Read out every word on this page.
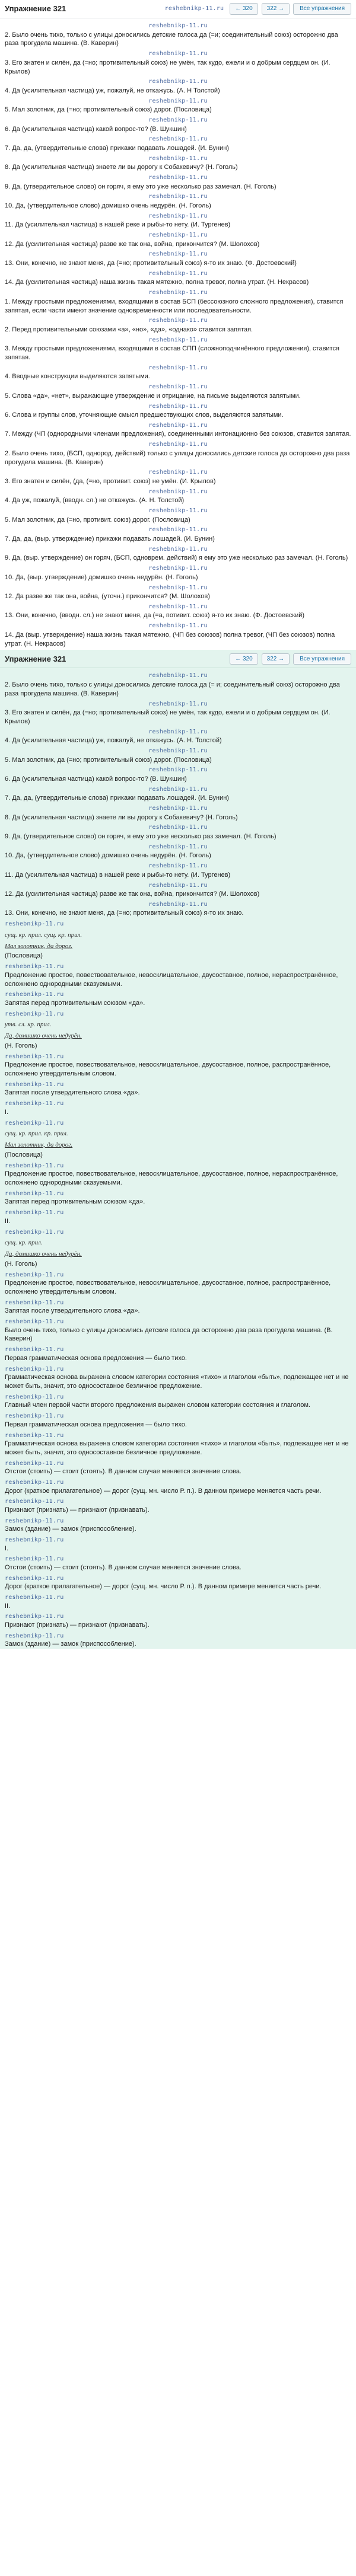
Упражнение 321	reshebnikp-11.ru	← 320	322 →	Все упражнения
reshebnikp-11.ru

2. Было очень тихо, только с улицы доносились детские голоса да (=и; соединительный союз) осторожно два раза прогудела машина. (В. Каверин)

reshebnikp-11.ru

3. Его знатен и силён, да (=но; противительный союз) не умён, так кудо, ежели и о добрым сердцем он. (И. Крылов)

reshebnikp-11.ru

4. Да (усилительная частица) уж, пожалуй, не откажусь. (А. Н Толстой)

reshebnikp-11.ru

5. Мал золотник, да (=но; противительный союз) дорог. (Пословица)

reshebnikp-11.ru

6. Да (усилительная частица) какой вопрос-то? (В. Шукшин)

reshebnikp-11.ru

7. Да, да, (утвердительные слова) прикажи подавать лошадей. (И. Бунин)

reshebnikp-11.ru

8. Да (усилительная частица) знаете ли вы дорогу к Собакевичу? (Н. Гоголь)

reshebnikp-11.ru

9. Да, (утвердительное слово) он горяч, я ему это уже несколько раз замечал. (Н. Гоголь)

reshebnikp-11.ru

10. Да, (утвердительное слово) домишко очень недурён. (Н. Гоголь)

reshebnikp-11.ru

11. Да (усилительная частица) в нашей реке и рыбы-то нету. (И. Тургенев)

reshebnikp-11.ru

12. Да (усилительная частица) разве же так она, война, прикончится? (М. Шолохов)

reshebnikp-11.ru

13. Они, конечно, не знают меня, да (=но; противительный союз) я-то их знаю. (Ф. Достоевский)

reshebnikp-11.ru

14. Да (усилительная частица) наша жизнь такая мятежно, полна тревог, полна утрат. (Н. Некрасов)

reshebnikp-11.ru

1. Между простыми предложениями, входящими в состав БСП (бессоюзного сложного предложения), ставится запятая, если части имеют значение одновременности или последовательности.

reshebnikp-11.ru

2. Перед противительными союзами «а», «но», «да», «однако» ставится запятая.

reshebnikp-11.ru

3. Между простыми предложениями, входящими в состав СПП (сложноподчинённого предложения), ставится запятая.

reshebnikp-11.ru

4. Вводные конструкции выделяются запятыми.

reshebnikp-11.ru

5. Слова «да», «нет», выражающие утверждение и отрицание, на письме выделяются запятыми.

reshebnikp-11.ru

6. Слова и группы слов, уточняющие смысл предшествующих слов, выделяются запятыми.

reshebnikp-11.ru

7. Между (ЧП (однородными членами предложения), соединенными интонационно без союзов, ставится запятая.

reshebnikp-11.ru

2. Было очень тихо, (БСП, однород. действий) только с улицы доносились детские голоса да осторожно два раза прогудела машина. (В. Каверин)

reshebnikp-11.ru

3. Его знатен и силён, (да, (=но, противит. союз) не умён. (И. Крылов)

reshebnikp-11.ru

4. Да уж, пожалуй, (вводн. сл.) не откажусь. (А. Н. Толстой)

reshebnikp-11.ru

5. Мал золотник, да (=но, противит. союз) дорог. (Пословица)

reshebnikp-11.ru

7. Да, да, (выр. утверждение) прикажи подавать лошадей. (И. Бунин)

reshebnikp-11.ru

9. Да, (выр. утверждение) он горяч, (БСП, одноврем. действий) я ему это уже несколько раз замечал. (Н. Гоголь)

reshebnikp-11.ru

10. Да, (выр. утверждение) домишко очень недурён. (Н. Гоголь)

reshebnikp-11.ru

12. Да разве же так она, война, (уточн.) прикончится? (М. Шолохов)

reshebnikp-11.ru

13. Они, конечно, (вводн. сл.) не знают меня, да (=а, потивит. союз) я-то их знаю. (Ф. Достоевский)

reshebnikp-11.ru

14. Да (выр. утверждение) наша жизнь такая мятежно, (ЧП без союзов) полна тревог, (ЧП без союзов) полна утрат. (Н. Некрасов)

Упражнение 321	← 320	322 →	Все упражнения
reshebnikp-11.ru

2. Было очень тихо, только с улицы доносились детские голоса да (= и; соединительный союз) осторожно два раза прогудела машина. (В. Каверин)

reshebnikp-11.ru

3. Его знатен и силён, да (=но; противительный союз) не умён, так кудо, ежели и о добрым сердцем он. (И. Крылов)

reshebnikp-11.ru

4. Да (усилительная частица) уж, пожалуй, не откажусь. (А. Н. Толстой)

reshebnikp-11.ru

5. Мал золотник, да (=но; противительный союз) дорог. (Пословица)

reshebnikp-11.ru

6. Да (усилительная частица) какой вопрос-то? (В. Шукшин)

reshebnikp-11.ru

7. Да, да, (утвердительные слова) прикажи подавать лошадей. (И. Бунин)

reshebnikp-11.ru

8. Да (усилительная частица) знаете ли вы дорогу к Собакевичу? (Н. Гоголь)

reshebnikp-11.ru

9. Да, (утвердительное слово) он горяч, я ему это уже несколько раз замечал. (Н. Гоголь)

reshebnikp-11.ru

10. Да, (утвердительное слово) домишко очень недурён. (Н. Гоголь)

reshebnikp-11.ru

11. Да (усилительная частица) в нашей реке и рыбы-то нету. (И. Тургенев)

reshebnikp-11.ru

12. Да (усилительная частица) разве же так она, война, прикончится? (М. Шолохов)

reshebnikp-11.ru

13. Они, конечно, не знают меня, да (=но; противительный союз) я-то их знаю.

reshebnikp-11.ru
сущ. кр. прил. сущ. кр. прил.
Мал золотник, да дорог.
(Пословица)
reshebnikp-11.ru

Предложение простое, повествовательное, невосклицательное, двусоставное, полное, нераспространённое, осложнено однородными сказуемыми.

reshebnikp-11.ru

Запятая перед противительным союзом «да».

reshebnikp-11.ru
утв. сл. кр. прил.
Да, домишко очень недурён.
(Н. Гоголь)
reshebnikp-11.ru

Предложение простое, повествовательное, невосклицательное, двусоставное, полное, распространённое, осложнено утвердительным словом.

reshebnikp-11.ru

Запятая после утвердительного слова «да».

reshebnikp-11.ru

I.

reshebnikp-11.ru
сущ. кр. прил. кр. прил.
Мал золотник, да дорог.
(Пословица)
reshebnikp-11.ru

Предложение простое, повествовательное, невосклицательное, двусоставное, полное, нераспространённое, осложнено однородными сказуемыми.

reshebnikp-11.ru

Запятая перед противительным союзом «да».

reshebnikp-11.ru

II.

reshebnikp-11.ru
сущ. кр. прил.
Да, домишко очень недурён.
(Н. Гоголь)
reshebnikp-11.ru

Предложение простое, повествовательное, невосклицательное, двусоставное, полное, распространённое, осложнено утвердительным словом.

reshebnikp-11.ru

Запятая после утвердительного слова «да».

reshebnikp-11.ru

Было очень тихо, только с улицы доносились детские голоса да осторожно два раза прогудела машина. (В. Каверин)

reshebnikp-11.ru

Первая грамматическая основа предложения — было тихо.

reshebnikp-11.ru

Грамматическая основа выражена словом категории состояния «тихо» и глаголом «быть», подлежащее нет и не может быть, значит, это односоставное безличное предложение.

reshebnikp-11.ru

Главный член первой части второго предложения выражен словом категории состояния и глаголом.

reshebnikp-11.ru

Первая грамматическая основа предложения — было тихо.

reshebnikp-11.ru

Грамматическая основа выражена словом категории состояния «тихо» и глаголом «быть», подлежащее нет и не может быть, значит, это односоставное безличное предложение.

reshebnikp-11.ru

Отстои (стоить) — стоит (стоять). В данном случае меняется значение слова.

reshebnikp-11.ru

Дорог (краткое прилагательное) — дорог (сущ. мн. число Р. п.). В данном примере меняется часть речи.

reshebnikp-11.ru

Признают (признать) — признают (признавать).

reshebnikp-11.ru

Замок (здание) — замок (приспособление).

reshebnikp-11.ru

I.

reshebnikp-11.ru

Отстои (стоить) — стоит (стоять). В данном случае меняется значение слова.

reshebnikp-11.ru

Дорог (краткое прилагательное) — дорог (сущ. мн. число Р. п.). В данном примере меняется часть речи.

reshebnikp-11.ru

II.

reshebnikp-11.ru

Признают (признать) — признают (признавать).

reshebnikp-11.ru

Замок (здание) — замок (приспособление).
